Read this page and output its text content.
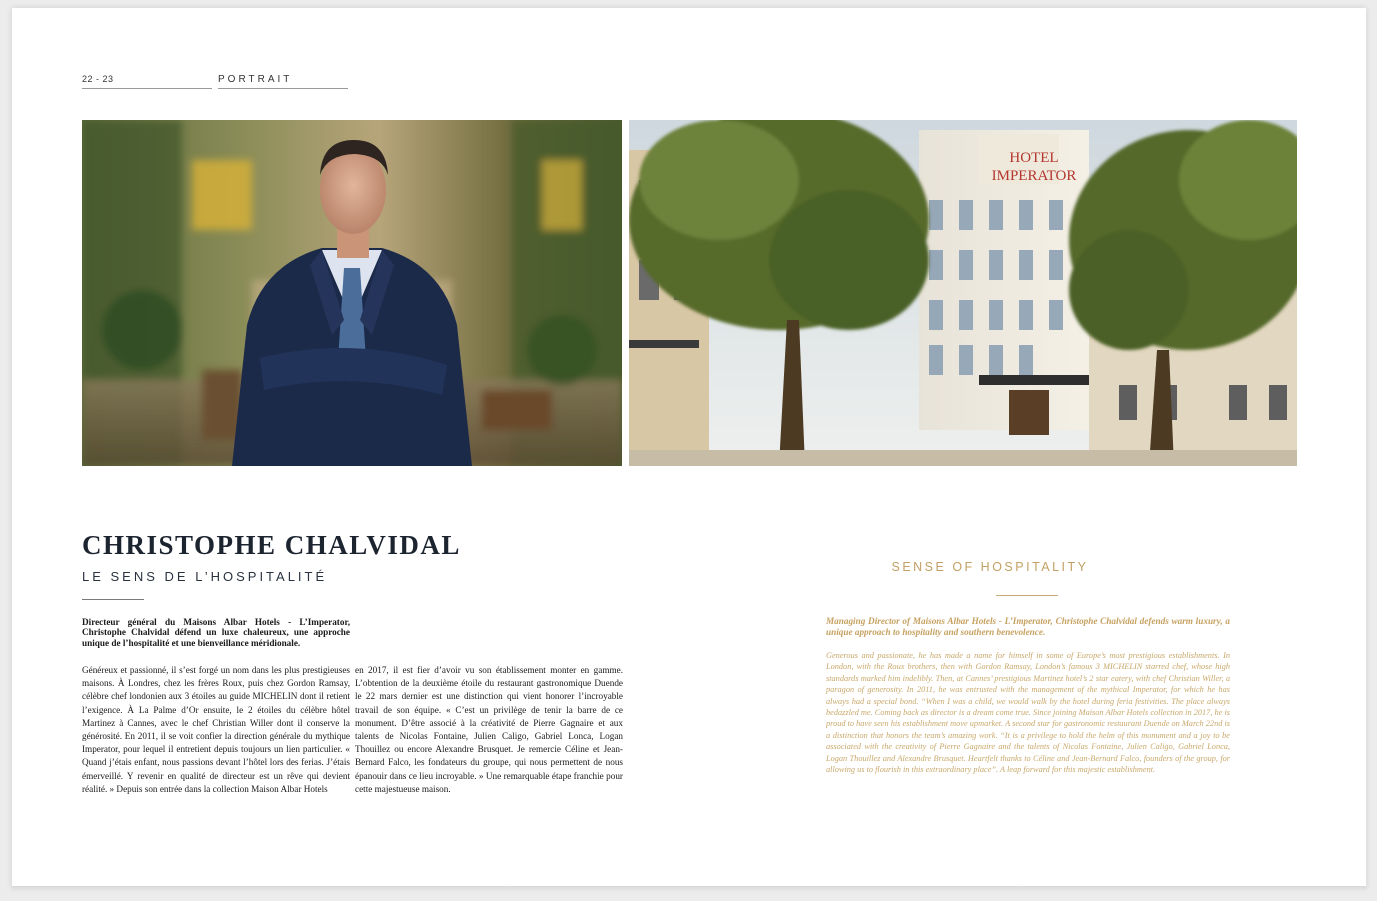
22 - 23	PORTRAIT
HOTEL
IMPERATOR
CHRISTOPHE CHALVIDAL
LE SENS DE L’HOSPITALITÉ

Directeur général du Maisons Albar Hotels - L’Imperator, Christophe Chalvidal défend un luxe chaleureux, une approche unique de l’hospitalité et une bienveillance méridionale.

Généreux et passionné, il s’est forgé un nom dans les plus prestigieuses maisons. À Londres, chez les frères Roux, puis chez Gordon Ramsay, célèbre chef londonien aux 3 étoiles au guide MICHELIN dont il retient l’exigence. À La Palme d’Or ensuite, le 2 étoiles du célèbre hôtel Martinez à Cannes, avec le chef Christian Willer dont il conserve la générosité. En 2011, il se voit confier la direction générale du mythique Imperator, pour lequel il entretient depuis toujours un lien particulier. « Quand j’étais enfant, nous passions devant l’hôtel lors des ferias. J’étais émerveillé. Y revenir en qualité de directeur est un rêve qui devient réalité. » Depuis son entrée dans la collection Maison Albar Hotels

en 2017, il est fier d’avoir vu son établissement monter en gamme. L’obtention de la deuxième étoile du restaurant gastronomique Duende le 22 mars dernier est une distinction qui vient honorer l’incroyable travail de son équipe. « C’est un privilège de tenir la barre de ce monument. D’être associé à la créativité de Pierre Gagnaire et aux talents de Nicolas Fontaine, Julien Caligo, Gabriel Lonca, Logan Thouillez ou encore Alexandre Brusquet. Je remercie Céline et Jean-Bernard Falco, les fondateurs du groupe, qui nous permettent de nous épanouir dans ce lieu incroyable. » Une remarquable étape franchie pour cette majestueuse maison.

SENSE OF HOSPITALITY

Managing Director of Maisons Albar Hotels - L’Imperator, Christophe Chalvidal defends warm luxury, a unique approach to hospitality and southern benevolence.

Generous and passionate, he has made a name for himself in some of Europe’s most prestigious establishments. In London, with the Roux brothers, then with Gordon Ramsay, London’s famous 3 MICHELIN starred chef, whose high standards marked him indelibly. Then, at Cannes’ prestigious Martinez hotel’s 2 star eatery, with chef Christian Willer, a paragon of generosity. In 2011, he was entrusted with the management of the mythical Imperator, for which he has always had a special bond. “When I was a child, we would walk by the hotel during feria festivities. The place always bedazzled me. Coming back as director is a dream come true. Since joining Maison Albar Hotels collection in 2017, he is proud to have seen his establishment move upmarket. A second star for gastronomic restaurant Duende on March 22nd is a distinction that honors the team’s amazing work. “It is a privilege to hold the helm of this monument and a joy to be associated with the creativity of Pierre Gagnaire and the talents of Nicolas Fontaine, Julien Caligo, Gabriel Lonca, Logan Thouillez and Alexandre Brusquet. Heartfelt thanks to Céline and Jean-Bernard Falco, founders of the group, for allowing us to flourish in this extraordinary place”. A leap forward for this majestic establishment.
